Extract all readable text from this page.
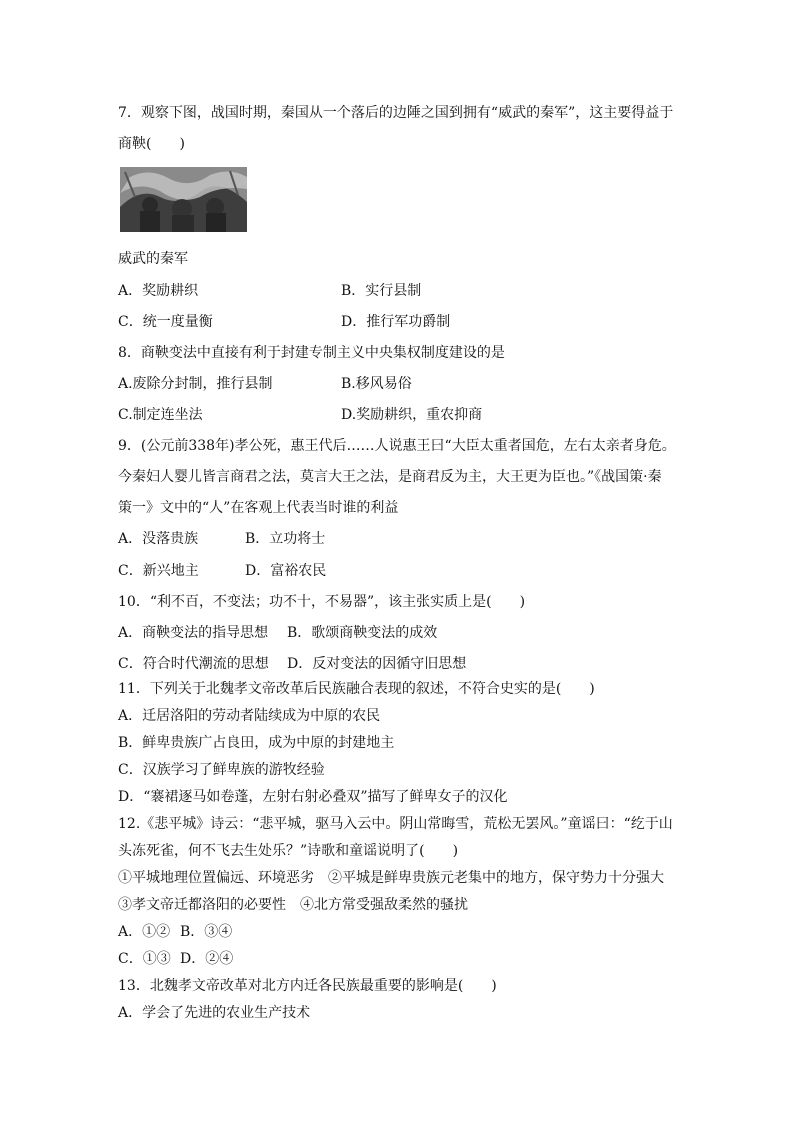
7．观察下图，战国时期，秦国从一个落后的边陲之国到拥有“威武的秦军”，这主要得益于
商鞅(　　)
威武的秦军
A．奖励耕织	B．实行县制
C．统一度量衡	D．推行军功爵制
8．商鞅变法中直接有利于封建专制主义中央集权制度建设的是
A.废除分封制，推行县制	B.移风易俗
C.制定连坐法	D.奖励耕织，重农抑商
9．(公元前338年)孝公死，惠王代后……人说惠王曰“大臣太重者国危，左右太亲者身危。
今秦妇人婴儿皆言商君之法，莫言大王之法，是商君反为主，大王更为臣也。”《战国策·秦
策一》文中的“人”在客观上代表当时谁的利益
A．没落贵族	B．立功将士
C．新兴地主	D．富裕农民
10．“利不百，不变法；功不十，不易器”，该主张实质上是(　　)
A．商鞅变法的指导思想 B．歌颂商鞅变法的成效
C．符合时代潮流的思想 D．反对变法的因循守旧思想
11．下列关于北魏孝文帝改革后民族融合表现的叙述，不符合史实的是(　　)
A．迁居洛阳的劳动者陆续成为中原的农民
B．鲜卑贵族广占良田，成为中原的封建地主
C．汉族学习了鲜卑族的游牧经验
D．“褰裙逐马如卷蓬，左射右射必叠双”描写了鲜卑女子的汉化
12.《悲平城》诗云：“悲平城，驱马入云中。阴山常晦雪，荒松无罢风。”童谣曰：“纥于山
头冻死雀，何不飞去生处乐？”诗歌和童谣说明了(　　)
①平城地理位置偏远、环境恶劣　②平城是鲜卑贵族元老集中的地方，保守势力十分强大
③孝文帝迁都洛阳的必要性　④北方常受强敌柔然的骚扰
A．①② B．③④
C．①③ D．②④
13．北魏孝文帝改革对北方内迁各民族最重要的影响是(　　)
A．学会了先进的农业生产技术
